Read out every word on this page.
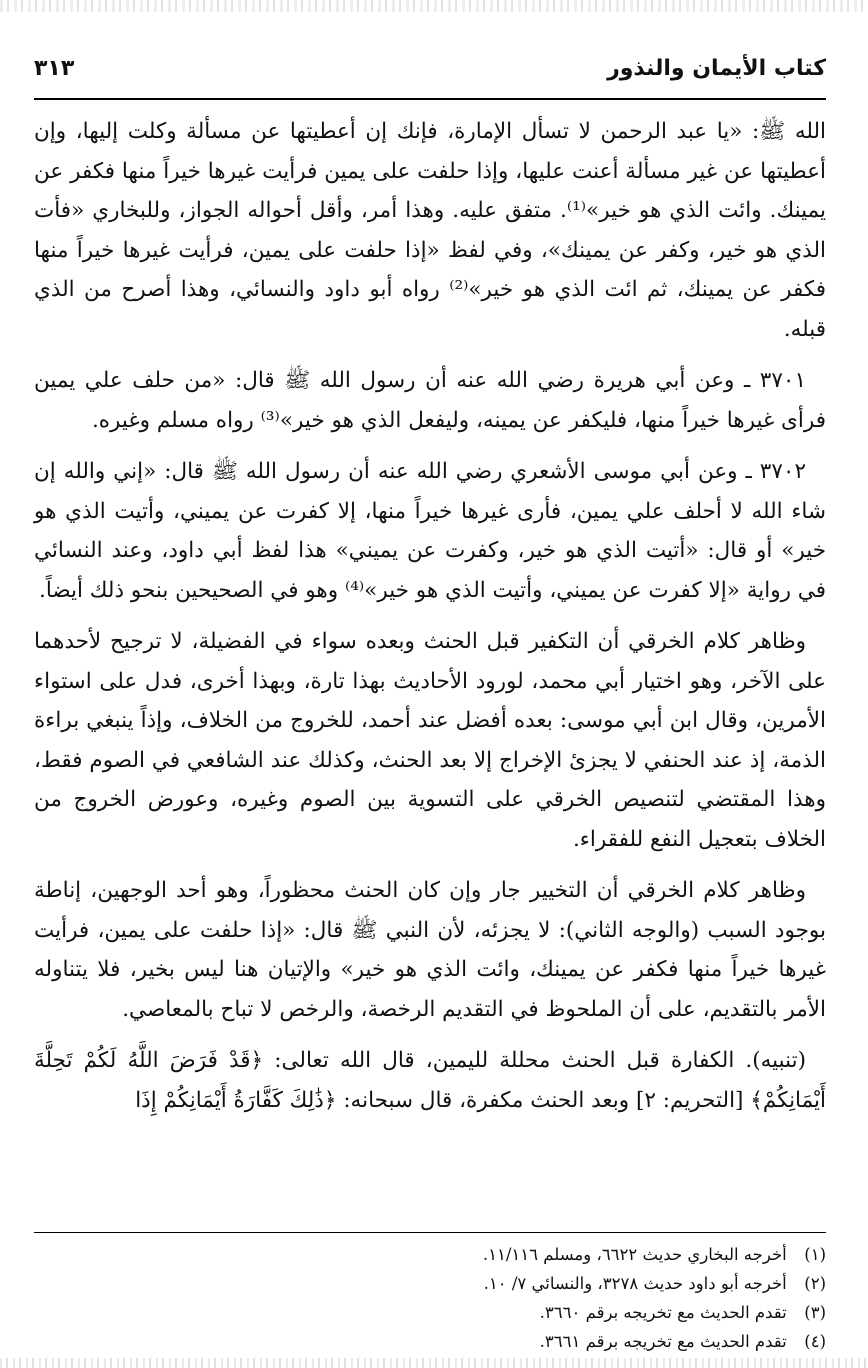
كتاب الأيمان والنذور
٣١٣

الله ﷺ: «يا عبد الرحمن لا تسأل الإمارة، فإنك إن أعطيتها عن مسألة وكلت إليها، وإن أعطيتها عن غير مسألة أعنت عليها، وإذا حلفت على يمين فرأيت غيرها خيراً منها فكفر عن يمينك. وائت الذي هو خير»⁽¹⁾. متفق عليه. وهذا أمر، وأقل أحواله الجواز، وللبخاري «فأت الذي هو خير، وكفر عن يمينك»، وفي لفظ «إذا حلفت على يمين، فرأيت غيرها خيراً منها فكفر عن يمينك، ثم ائت الذي هو خير»⁽²⁾ رواه أبو داود والنسائي، وهذا أصرح من الذي قبله.

٣٧٠١ ـ وعن أبي هريرة رضي الله عنه أن رسول الله ﷺ قال: «من حلف علي يمين فرأى غيرها خيراً منها، فليكفر عن يمينه، وليفعل الذي هو خير»⁽³⁾ رواه مسلم وغيره.

٣٧٠٢ ـ وعن أبي موسى الأشعري رضي الله عنه أن رسول الله ﷺ قال: «إني والله إن شاء الله لا أحلف علي يمين، فأرى غيرها خيراً منها، إلا كفرت عن يميني، وأتيت الذي هو خير» أو قال: «أتيت الذي هو خير، وكفرت عن يميني» هذا لفظ أبي داود، وعند النسائي في رواية «إلا كفرت عن يميني، وأتيت الذي هو خير»⁽⁴⁾ وهو في الصحيحين بنحو ذلك أيضاً.

وظاهر كلام الخرقي أن التكفير قبل الحنث وبعده سواء في الفضيلة، لا ترجيح لأحدهما على الآخر، وهو اختيار أبي محمد، لورود الأحاديث بهذا تارة، وبهذا أخرى، فدل على استواء الأمرين، وقال ابن أبي موسى: بعده أفضل عند أحمد، للخروج من الخلاف، وإذاً ينبغي براءة الذمة، إذ عند الحنفي لا يجزئ الإخراج إلا بعد الحنث، وكذلك عند الشافعي في الصوم فقط، وهذا المقتضي لتنصيص الخرقي على التسوية بين الصوم وغيره، وعورض الخروج من الخلاف بتعجيل النفع للفقراء.

وظاهر كلام الخرقي أن التخيير جار وإن كان الحنث محظوراً، وهو أحد الوجهين، إناطة بوجود السبب (والوجه الثاني): لا يجزئه، لأن النبي ﷺ قال: «إذا حلفت على يمين، فرأيت غيرها خيراً منها فكفر عن يمينك، وائت الذي هو خير» والإتيان هنا ليس بخير، فلا يتناوله الأمر بالتقديم، على أن الملحوظ في التقديم الرخصة، والرخص لا تباح بالمعاصي.

(تنبيه). الكفارة قبل الحنث محللة لليمين، قال الله تعالى: ﴿قَدْ فَرَضَ اللَّهُ لَكُمْ تَحِلَّةَ أَيْمَانِكُمْ﴾ [التحريم: ٢] وبعد الحنث مكفرة، قال سبحانه: ﴿ذَٰلِكَ كَفَّارَةُ أَيْمَانِكُمْ إِذَا

(١) أخرجه البخاري حديث ٦٦٢٢، ومسلم ١١/١١٦.
(٢) أخرجه أبو داود حديث ٣٢٧٨، والنسائي ٧/ ١٠.
(٣) تقدم الحديث مع تخريجه برقم ٣٦٦٠.
(٤) تقدم الحديث مع تخريجه برقم ٣٦٦١.
